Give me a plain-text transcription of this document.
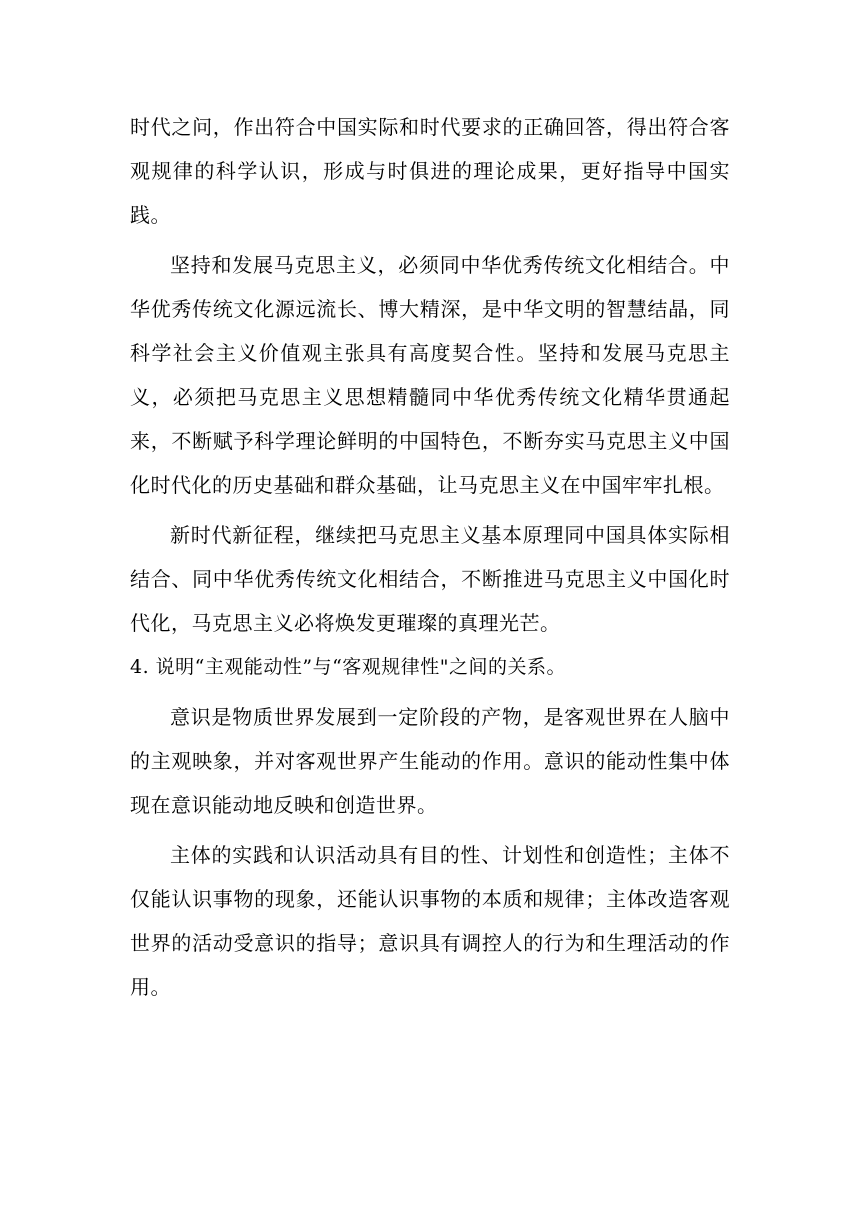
时代之问，作出符合中国实际和时代要求的正确回答，得出符合客观规律的科学认识，形成与时俱进的理论成果，更好指导中国实践。

坚持和发展马克思主义，必须同中华优秀传统文化相结合。中华优秀传统文化源远流长、博大精深，是中华文明的智慧结晶，同科学社会主义价值观主张具有高度契合性。坚持和发展马克思主义，必须把马克思主义思想精髓同中华优秀传统文化精华贯通起来，不断赋予科学理论鲜明的中国特色，不断夯实马克思主义中国化时代化的历史基础和群众基础，让马克思主义在中国牢牢扎根。

新时代新征程，继续把马克思主义基本原理同中国具体实际相结合、同中华优秀传统文化相结合，不断推进马克思主义中国化时代化，马克思主义必将焕发更璀璨的真理光芒。

4. 说明“主观能动性”与“客观规律性"之间的关系。

意识是物质世界发展到一定阶段的产物，是客观世界在人脑中的主观映象，并对客观世界产生能动的作用。意识的能动性集中体现在意识能动地反映和创造世界。

主体的实践和认识活动具有目的性、计划性和创造性；主体不仅能认识事物的现象，还能认识事物的本质和规律；主体改造客观世界的活动受意识的指导；意识具有调控人的行为和生理活动的作用。
